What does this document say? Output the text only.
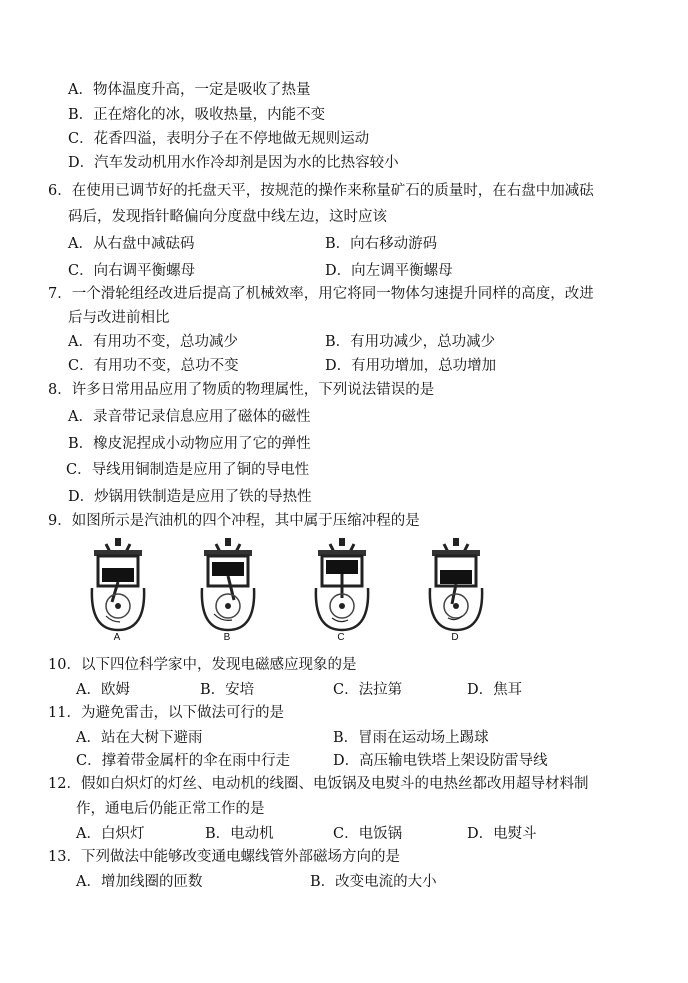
A．物体温度升高，一定是吸收了热量
B．正在熔化的冰，吸收热量，内能不变
C．花香四溢，表明分子在不停地做无规则运动
D．汽车发动机用水作冷却剂是因为水的比热容较小
6．在使用已调节好的托盘天平，按规范的操作来称量矿石的质量时，在右盘中加减砝
码后，发现指针略偏向分度盘中线左边，这时应该
A．从右盘中减砝码	B．向右移动游码
C．向右调平衡螺母	D．向左调平衡螺母
7．一个滑轮组经改进后提高了机械效率，用它将同一物体匀速提升同样的高度，改进
后与改进前相比
A．有用功不变，总功减少	B．有用功减少，总功减少
C．有用功不变，总功不变	D．有用功增加，总功增加
8．许多日常用品应用了物质的物理属性，下列说法错误的是
A．录音带记录信息应用了磁体的磁性
B．橡皮泥捏成小动物应用了它的弹性
C．导线用铜制造是应用了铜的导电性
D．炒锅用铁制造是应用了铁的导热性
9．如图所示是汽油机的四个冲程，其中属于压缩冲程的是
A	B	C	D
10．以下四位科学家中，发现电磁感应现象的是
A．欧姆	B．安培	C．法拉第	D．焦耳
11．为避免雷击，以下做法可行的是
A．站在大树下避雨	B．冒雨在运动场上踢球
C．撑着带金属杆的伞在雨中行走	D．高压输电铁塔上架设防雷导线
12．假如白炽灯的灯丝、电动机的线圈、电饭锅及电熨斗的电热丝都改用超导材料制
作，通电后仍能正常工作的是
A．白炽灯	B．电动机	C．电饭锅	D．电熨斗
13．下列做法中能够改变通电螺线管外部磁场方向的是
A．增加线圈的匝数	B．改变电流的大小
